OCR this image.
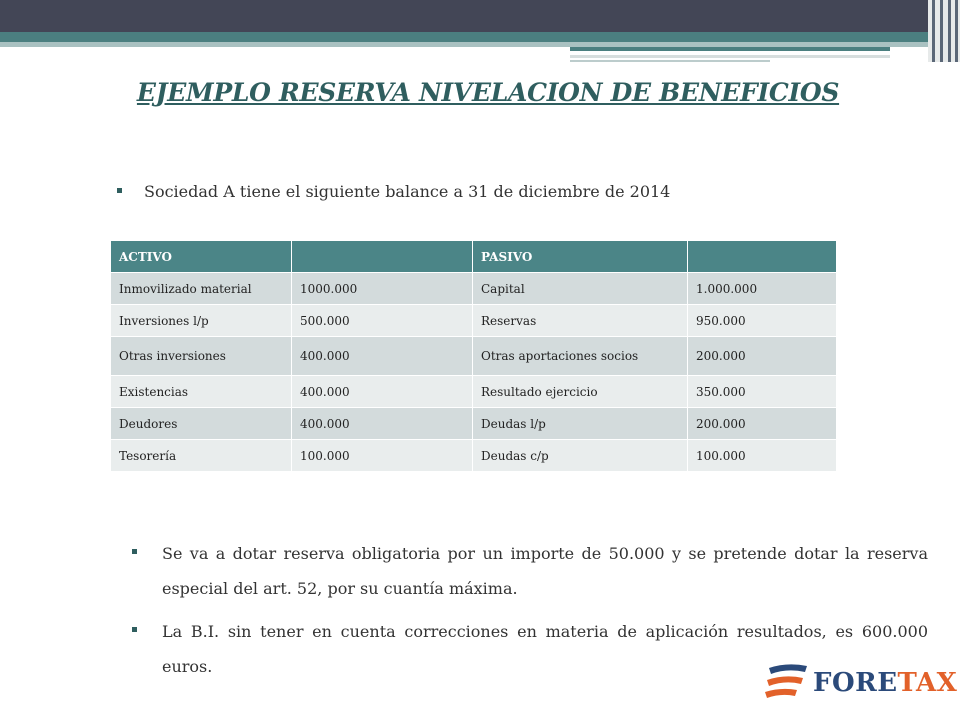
EJEMPLO RESERVA NIVELACION DE BENEFICIOS
Sociedad A tiene el siguiente balance a 31 de diciembre de 2014
ACTIVO		PASIVO	
Inmovilizado material	1000.000	Capital	1.000.000
Inversiones l/p	500.000	Reservas	950.000
Otras inversiones	400.000	Otras aportaciones socios	200.000
Existencias	400.000	Resultado ejercicio	350.000
Deudores	400.000	Deudas l/p	200.000
Tesorería	100.000	Deudas c/p	100.000

Se va a dotar reserva obligatoria por un importe de 50.000 y se pretende dotar la reserva especial del art. 52, por su cuantía máxima.

La B.I. sin tener en cuenta correcciones en materia de aplicación resultados, es 600.000 euros.

FORETAX
